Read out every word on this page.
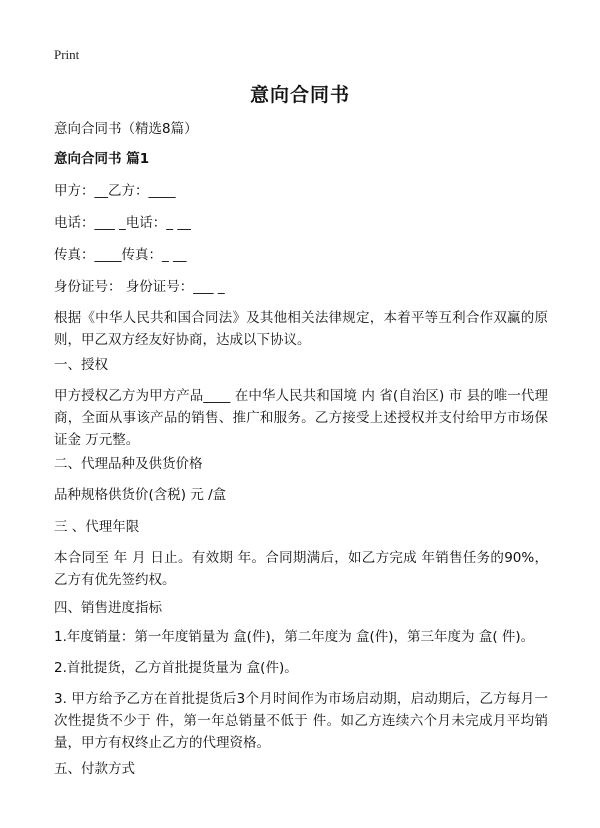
Print
意向合同书
意向合同书（精选8篇）
意向合同书 篇1
甲方：__乙方：____
电话：___ _电话：_ __
传真：____传真：_ __
身份证号： 身份证号：___ _
根据《中华人民共和国合同法》及其他相关法律规定，本着平等互利合作双赢的原则，甲乙双方经友好协商，达成以下协议。
一、授权
甲方授权乙方为甲方产品____ 在中华人民共和国境 内 省(自治区) 市 县的唯一代理商，全面从事该产品的销售、推广和服务。乙方接受上述授权并支付给甲方市场保证金 万元整。
二、代理品种及供货价格
品种规格供货价(含税) 元 /盒
三 、代理年限
本合同至 年 月 日止。有效期 年。合同期满后，如乙方完成 年销售任务的90%，乙方有优先签约权。
四、销售进度指标
1.年度销量：第一年度销量为 盒(件)，第二年度为 盒(件)，第三年度为 盒( 件)。
2.首批提货，乙方首批提货量为 盒(件)。
3. 甲方给予乙方在首批提货后3个月时间作为市场启动期，启动期后，乙方每月一次性提货不少于 件，第一年总销量不低于 件。如乙方连续六个月未完成月平均销量，甲方有权终止乙方的代理资格。
五、付款方式
